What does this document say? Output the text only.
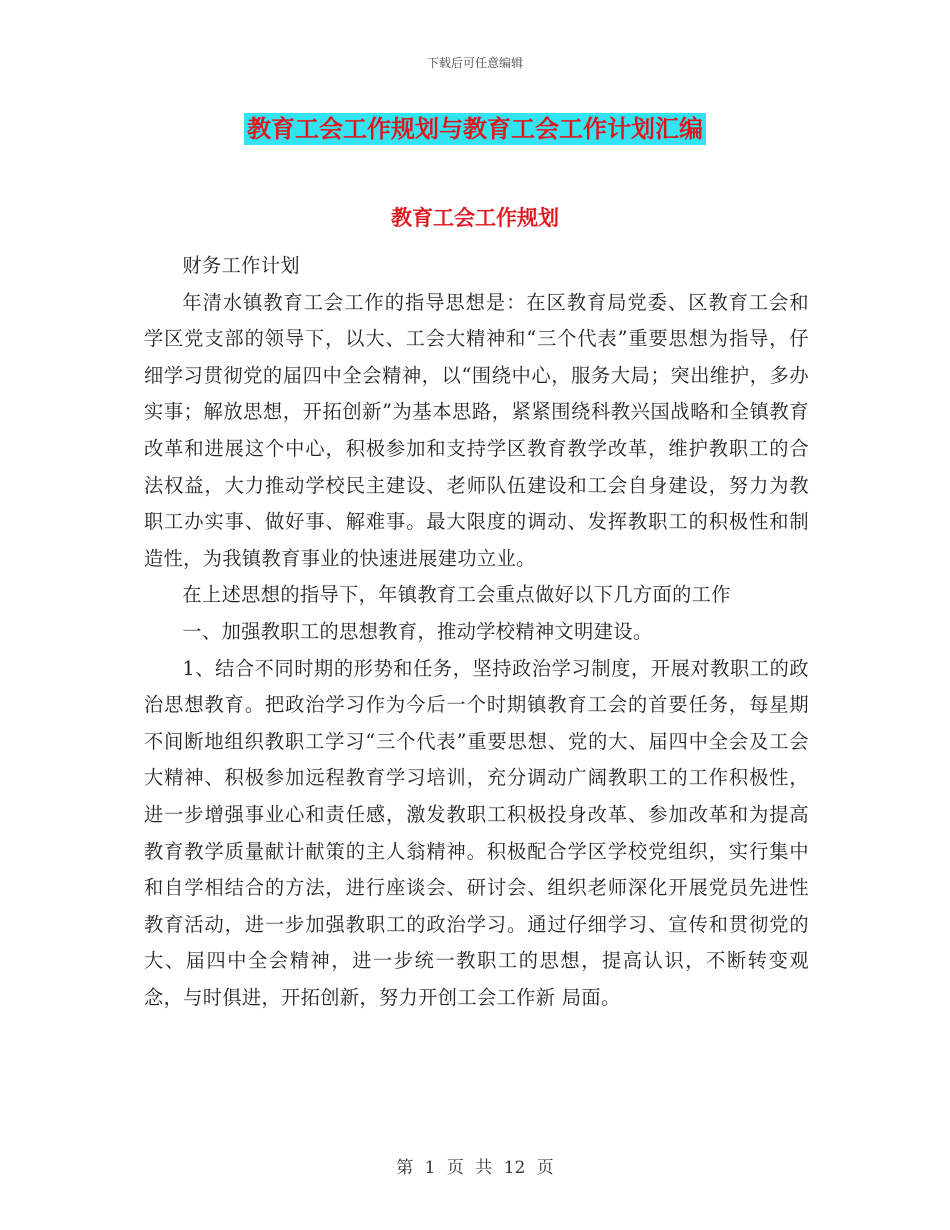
下载后可任意编辑
教育工会工作规划与教育工会工作计划汇编
教育工会工作规划

财务工作计划

年清水镇教育工会工作的指导思想是：在区教育局党委、区教育工会和学区党支部的领导下，以大、工会大精神和“三个代表”重要思想为指导，仔细学习贯彻党的届四中全会精神，以“围绕中心，服务大局；突出维护，多办实事；解放思想，开拓创新”为基本思路，紧紧围绕科教兴国战略和全镇教育改革和进展这个中心，积极参加和支持学区教育教学改革，维护教职工的合法权益，大力推动学校民主建设、老师队伍建设和工会自身建设，努力为教职工办实事、做好事、解难事。最大限度的调动、发挥教职工的积极性和制造性，为我镇教育事业的快速进展建功立业。

在上述思想的指导下，年镇教育工会重点做好以下几方面的工作

一、加强教职工的思想教育，推动学校精神文明建设。

1、结合不同时期的形势和任务，坚持政治学习制度，开展对教职工的政治思想教育。把政治学习作为今后一个时期镇教育工会的首要任务，每星期不间断地组织教职工学习“三个代表”重要思想、党的大、届四中全会及工会大精神、积极参加远程教育学习培训，充分调动广阔教职工的工作积极性，进一步增强事业心和责任感，激发教职工积极投身改革、参加改革和为提高教育教学质量献计献策的主人翁精神。积极配合学区学校党组织，实行集中和自学相结合的方法，进行座谈会、研讨会、组织老师深化开展党员先进性教育活动，进一步加强教职工的政治学习。通过仔细学习、宣传和贯彻党的大、届四中全会精神，进一步统一教职工的思想，提高认识，不断转变观念，与时俱进，开拓创新，努力开创工会工作新 局面。

第 1 页 共 12 页
